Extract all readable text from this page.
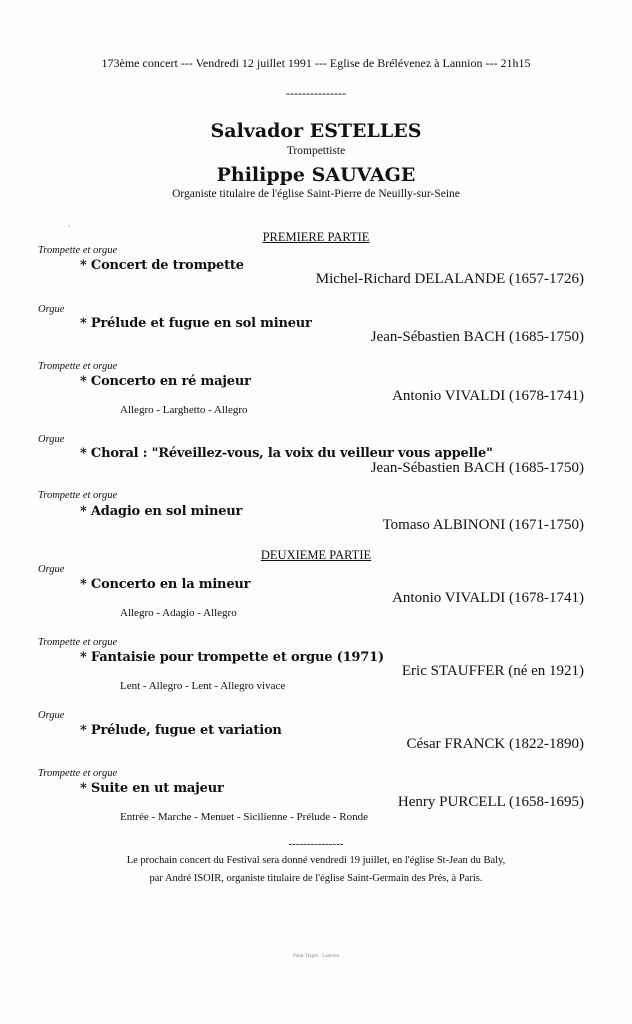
173ème concert --- Vendredi 12 juillet 1991 --- Eglise de Brélévenez à Lannion --- 21h15
---------------
Salvador ESTELLES
Trompettiste
Philippe SAUVAGE
Organiste titulaire de l'église Saint-Pierre de Neuilly-sur-Seine
·
PREMIERE PARTIE
Trompette et orgue
* Concert de trompette
Michel-Richard DELALANDE (1657-1726)
Orgue
* Prélude et fugue en sol mineur
Jean-Sébastien BACH (1685-1750)
Trompette et orgue
* Concerto en ré majeur
Antonio VIVALDI (1678-1741)
Allegro - Larghetto - Allegro
Orgue
* Choral : "Réveillez-vous, la voix du veilleur vous appelle"
Jean-Sébastien BACH (1685-1750)
Trompette et orgue
* Adagio en sol mineur
Tomaso ALBINONI (1671-1750)
DEUXIEME PARTIE
Orgue
* Concerto en la mineur
Antonio VIVALDI (1678-1741)
Allegro - Adagio - Allegro
Trompette et orgue
* Fantaisie pour trompette et orgue (1971)
Eric STAUFFER (né en 1921)
Lent - Allegro - Lent - Allegro vivace
Orgue
* Prélude, fugue et variation
César FRANCK (1822-1890)
Trompette et orgue
* Suite en ut majeur
Henry PURCELL (1658-1695)
Entrée - Marche - Menuet - Sicilienne - Prélude - Ronde
---------------
Le prochain concert du Festival sera donné vendredi 19 juillet, en l'église St-Jean du Baly,
par André ISOIR, organiste titulaire de l'église Saint-Germain des Prés, à Paris.
Publi Trégor · Lannion
